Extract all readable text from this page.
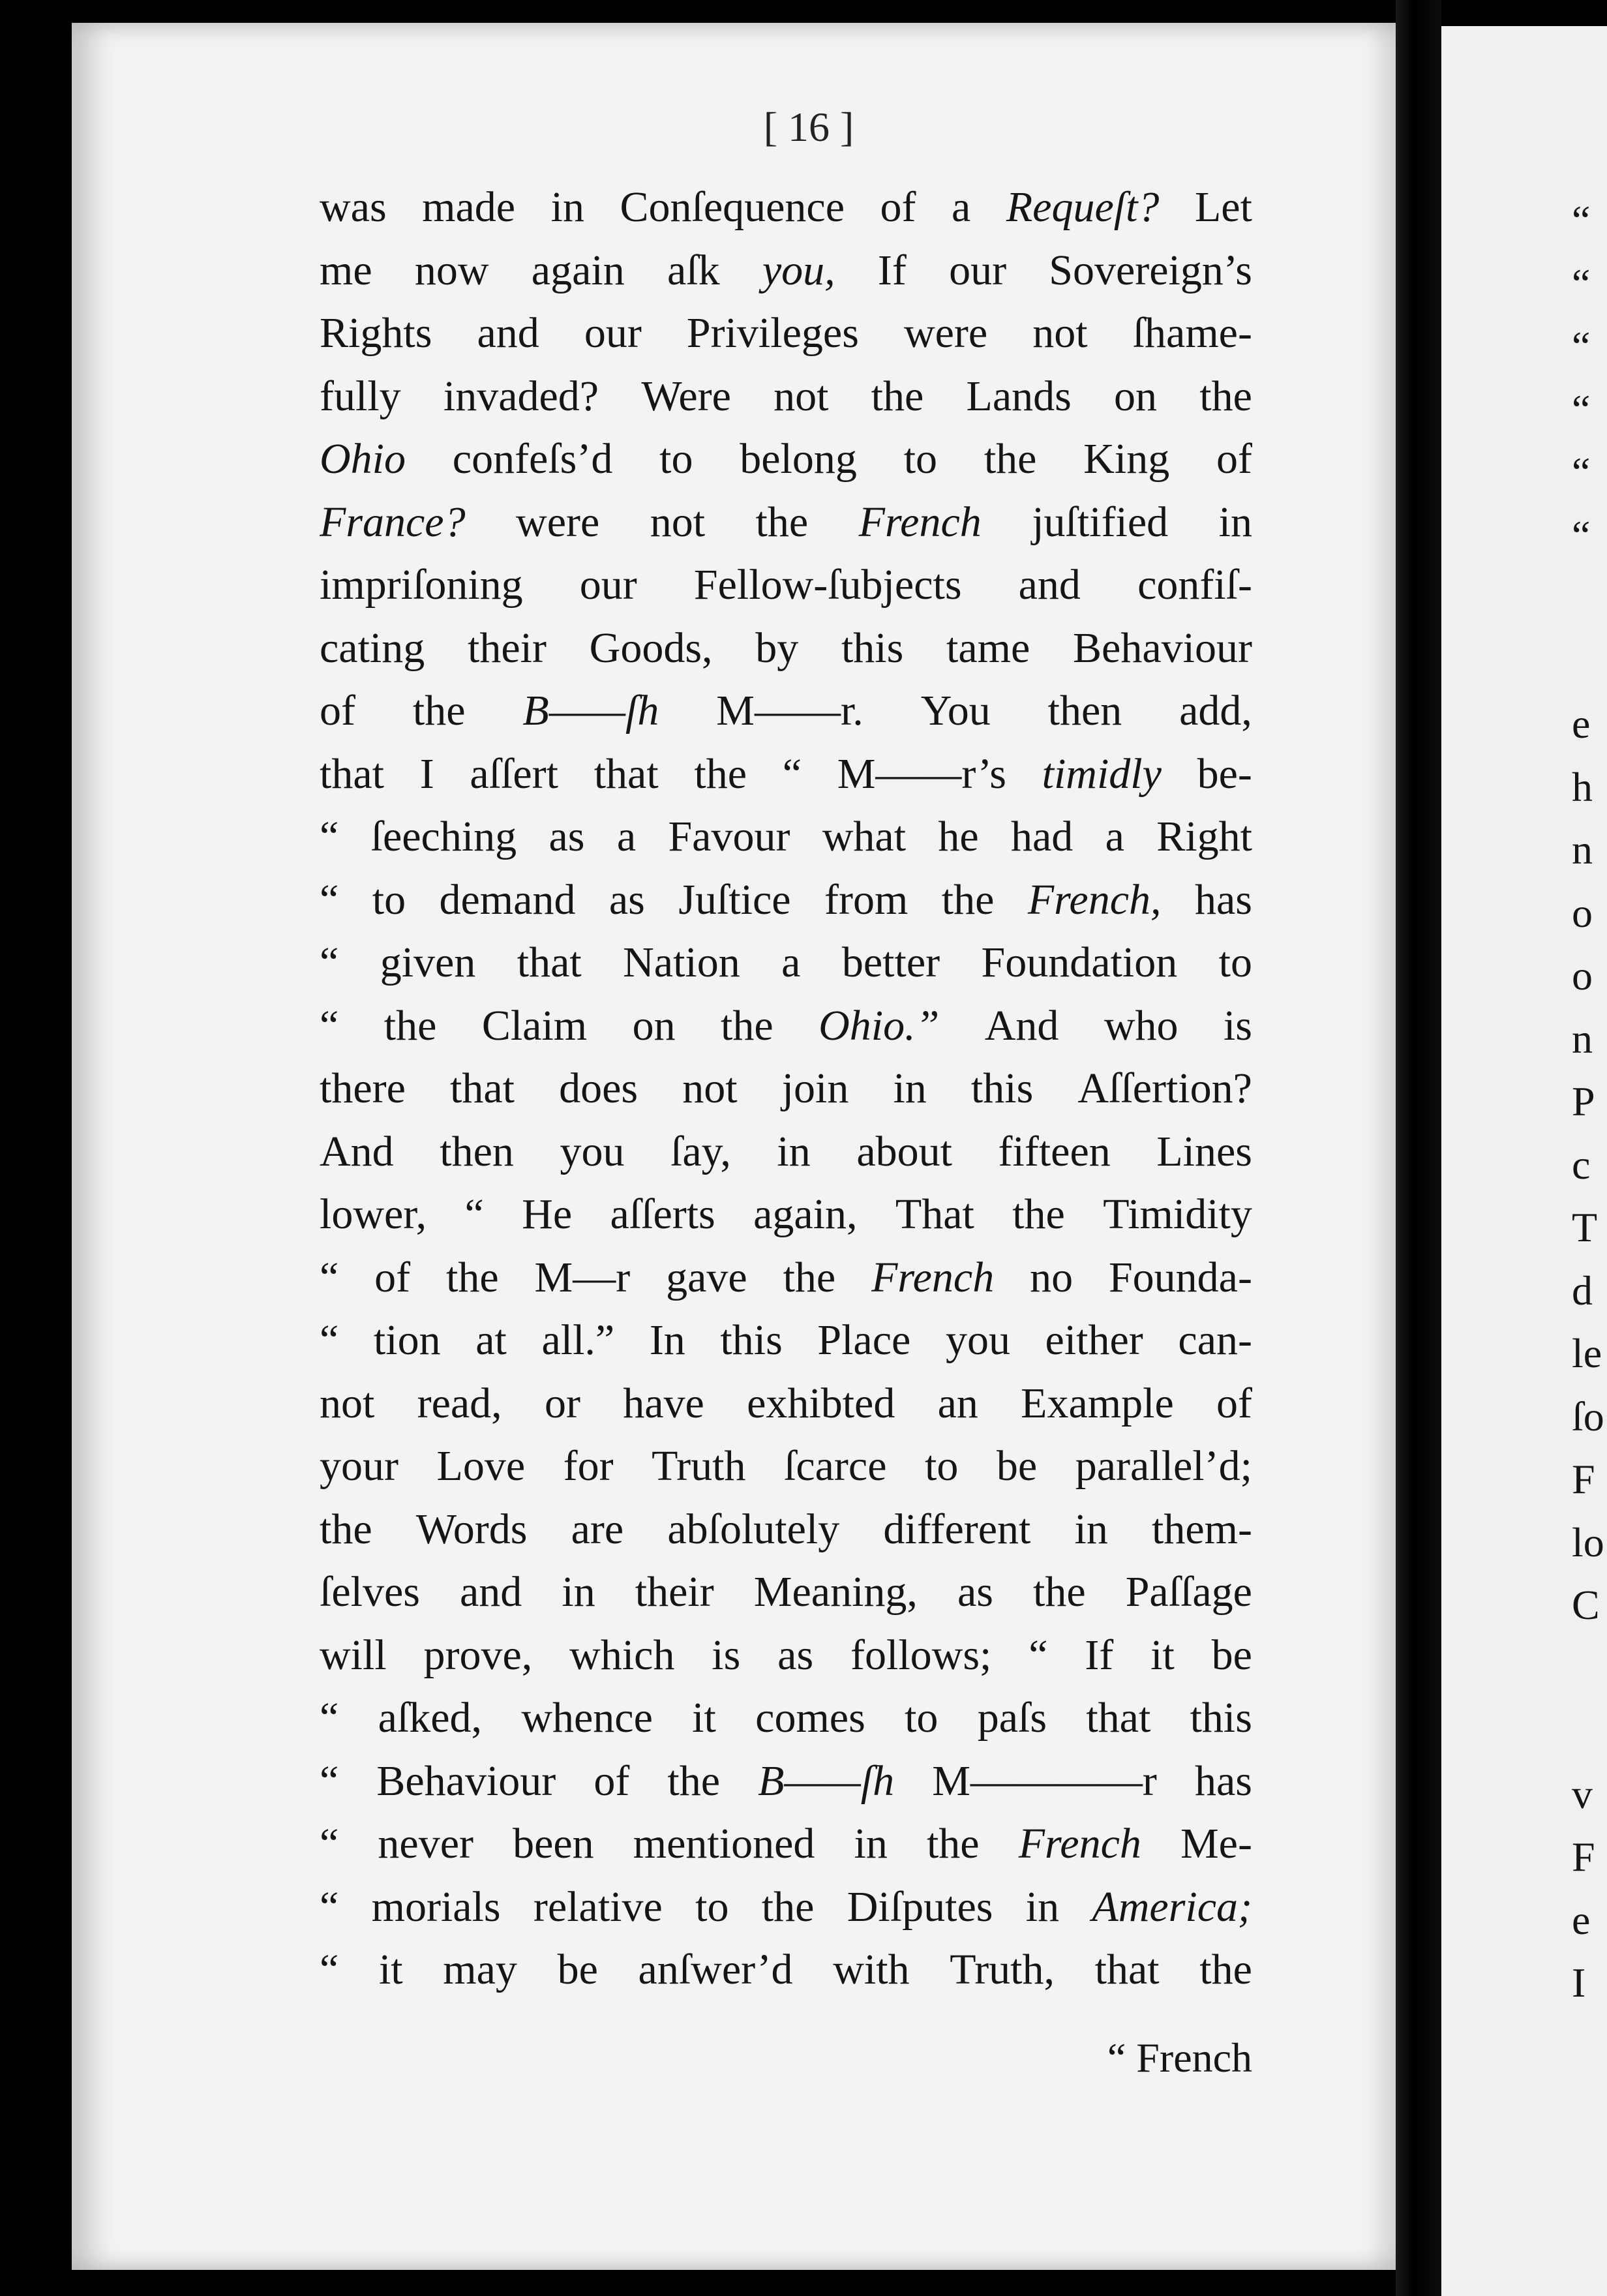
[ 16 ]
was made in Conſequence of a Requeſt? Let
me now again aſk you, If our Sovereign’s
Rights and our Privileges were not ſhame-
fully invaded? Were not the Lands on the
Ohio confeſs’d to belong to the King of
France? were not the French juſtified in
impriſoning our Fellow-ſubjects and confiſ-
cating their Goods, by this tame Behaviour
of the B——ſh M——r. You then add,
that I aſſert that the “ M——r’s timidly be-
“ ſeeching as a Favour what he had a Right
“ to demand as Juſtice from the French, has
“ given that Nation a better Foundation to
“ the Claim on the Ohio.” And who is
there that does not join in this Aſſertion?
And then you ſay, in about fifteen Lines
lower, “ He aſſerts again, That the Timidity
“ of the M—r gave the French no Founda-
“ tion at all.” In this Place you either can-
not read, or have exhibted an Example of
your Love for Truth ſcarce to be parallel’d;
the Words are abſolutely different in them-
ſelves and in their Meaning, as the Paſſage
will prove, which is as follows; “ If it be
“ aſked, whence it comes to paſs that this
“ Behaviour of the B——ſh M————r has
“ never been mentioned in the French Me-
“ morials relative to the Diſputes in America;
“ it may be anſwer’d with Truth, that the
“ French
“
“
“
“
“
“
e
h
n
o
o
n
P
c
T
d
le
ſo
F
lo
C
v
F
e
I
